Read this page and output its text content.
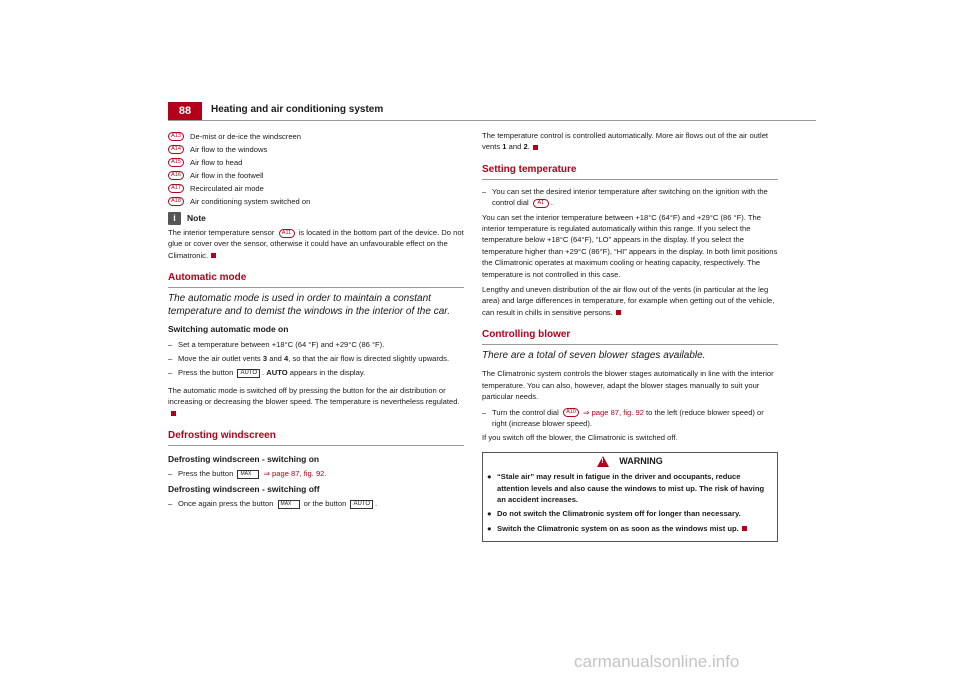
88	Heating and air conditioning system
A13	De-mist or de-ice the windscreen
A14	Air flow to the windows
A15	Air flow to head
A16	Air flow in the footwell
A17	Recirculated air mode
A18	Air conditioning system switched on
i	Note

The interior temperature sensor A11 is located in the bottom part of the device. Do not glue or cover over the sensor, otherwise it could have an unfavourable effect on the Climatronic.

Automatic mode
The automatic mode is used in order to maintain a constant temperature and to demist the windows in the interior of the car.
Switching automatic mode on
– Set a temperature between +18°C (64 °F) and +29°C (86 °F).
– Move the air outlet vents 3 and 4, so that the air flow is directed slightly upwards.
– Press the button AUTO . AUTO appears in the display.

The automatic mode is switched off by pressing the button for the air distribution or increasing or decreasing the blower speed. The temperature is nevertheless regulated.

Defrosting windscreen
Defrosting windscreen - switching on
– Press the button MAX ⇒ page 87, fig. 92.
Defrosting windscreen - switching off
– Once again press the button MAX or the button AUTO .

The temperature control is controlled automatically. More air flows out of the air outlet vents 1 and 2.

Setting temperature
– You can set the desired interior temperature after switching on the ignition with the control dial A1 .

You can set the interior temperature between +18°C (64°F) and +29°C (86 °F). The interior temperature is regulated automatically within this range. If you select the temperature below +18°C (64°F), “LO” appears in the display. If you select the temperature higher than +29°C (86°F), “HI” appears in the display. In both limit positions the Climatronic operates at maximum cooling or heating capacity, respectively. The temperature is not controlled in this case.

Lengthy and uneven distribution of the air flow out of the vents (in particular at the leg area) and large differences in temperature, for example when getting out of the vehicle, can result in chills in sensitive persons.

Controlling blower
There are a total of seven blower stages available.

The Climatronic system controls the blower stages automatically in line with the interior temperature. You can also, however, adapt the blower stages manually to suit your particular needs.

– Turn the control dial A10 ⇒ page 87, fig. 92 to the left (reduce blower speed) or right (increase blower speed).

If you switch off the blower, the Climatronic is switched off.

! WARNING
● “Stale air” may result in fatigue in the driver and occupants, reduce attention levels and also cause the windows to mist up. The risk of having an accident increases.
● Do not switch the Climatronic system off for longer than necessary.
● Switch the Climatronic system on as soon as the windows mist up.
carmanualsonline.info
